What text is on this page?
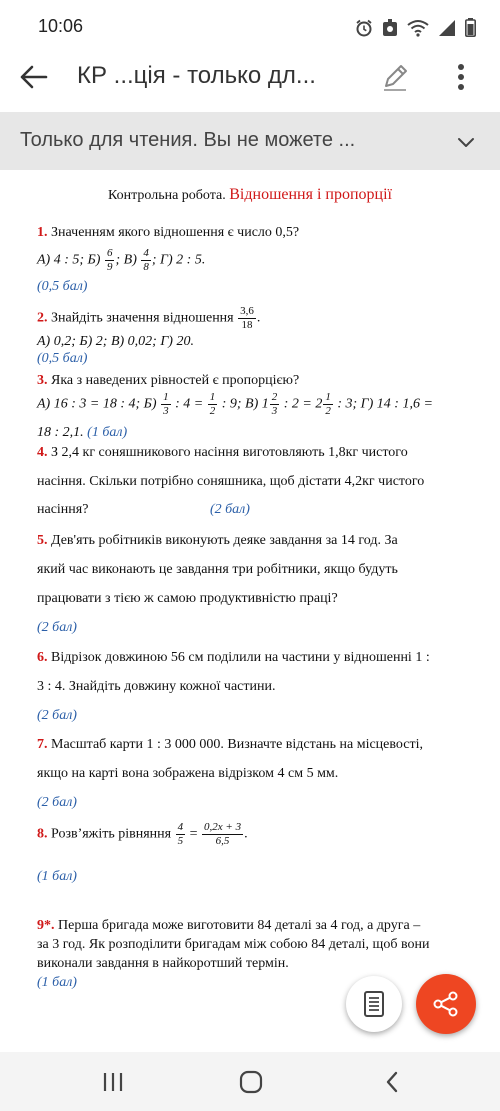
10:06
КР ...ція - только дл...
Только для чтения. Вы не можете ...
Контрольна робота. Відношення і пропорції
1. Значенням якого відношення є число 0,5?
А) 4 : 5; $Б) \frac{6}{9}$ ; $В) \frac{4}{8}$ ; Г) 2 : 5.
(0,5 бал)
2. Знайдіть значення відношення $\frac{3,6}{18}$ .
А) 0,2; Б) 2; В) 0,02; Г) 20.
(0,5 бал)
3. Яка з наведених рівностей є пропорцією?
А) 16 : 3 = 18 : 4; $Б) \frac{1}{3}$ : $4 = \frac{1}{2}$ : 9; В) $1 \frac{2}{3}$ : $2 = 2 \frac{1}{2}$ : 3; Г) 14 : 1,6 =
18 : 2,1. (1 бал)
4. З 2,4 кг соняшникового насіння виготовляють 1,8кг чистого
насіння. Скільки потрібно соняшника, щоб дістати 4,2кг чистого
насіння?	(2 бал)
5. Дев'ять робітників виконують деяке завдання за 14 год. За
який час виконають це завдання три робітники, якщо будуть
працювати з тією ж самою продуктивністю праці?
(2 бал)
6. Відрізок довжиною 56 см поділили на частини у відношенні 1 :
3 : 4. Знайдіть довжину кожної частини.
(2 бал)
7. Масштаб карти 1 : 3 000 000. Визначте відстань на місцевості,
якщо на карті вона зображена відрізком 4 см 5 мм.
(2 бал)
8. Розв’яжіть рівняння $\frac{4}{5} = \frac{0,2x + 3}{6,5}$ .
(1 бал)
9*. Перша бригада може виготовити 84 деталі за 4 год, а друга –
за 3 год. Як розподілити бригадам між собою 84 деталі, щоб вони
виконали завдання в найкоротший термін.
(1 бал)
